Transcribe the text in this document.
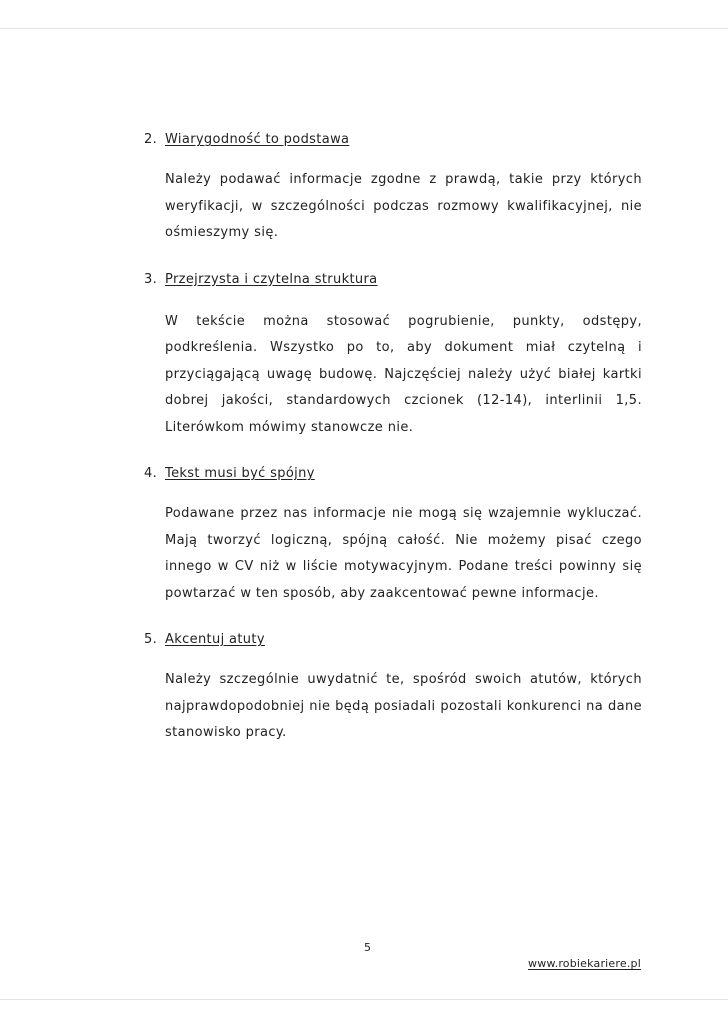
2. Wiarygodność to podstawa
Należy podawać informacje zgodne z prawdą, takie przy których weryfikacji, w szczególności podczas rozmowy kwalifikacyjnej, nie ośmieszymy się.
3. Przejrzysta i czytelna struktura
W tekście można stosować pogrubienie, punkty, odstępy, podkreślenia. Wszystko po to, aby dokument miał czytelną i przyciągającą uwagę budowę. Najczęściej należy użyć białej kartki dobrej jakości, standardowych czcionek (12-14), interlinii 1,5. Literówkom mówimy stanowcze nie.
4. Tekst musi być spójny
Podawane przez nas informacje nie mogą się wzajemnie wykluczać. Mają tworzyć logiczną, spójną całość. Nie możemy pisać czego innego w CV niż w liście motywacyjnym. Podane treści powinny się powtarzać w ten sposób, aby zaakcentować pewne informacje.
5. Akcentuj atuty
Należy szczególnie uwydatnić te, spośród swoich atutów, których najprawdopodobniej nie będą posiadali pozostali konkurenci na dane stanowisko pracy.
5
www.robiekariere.pl
